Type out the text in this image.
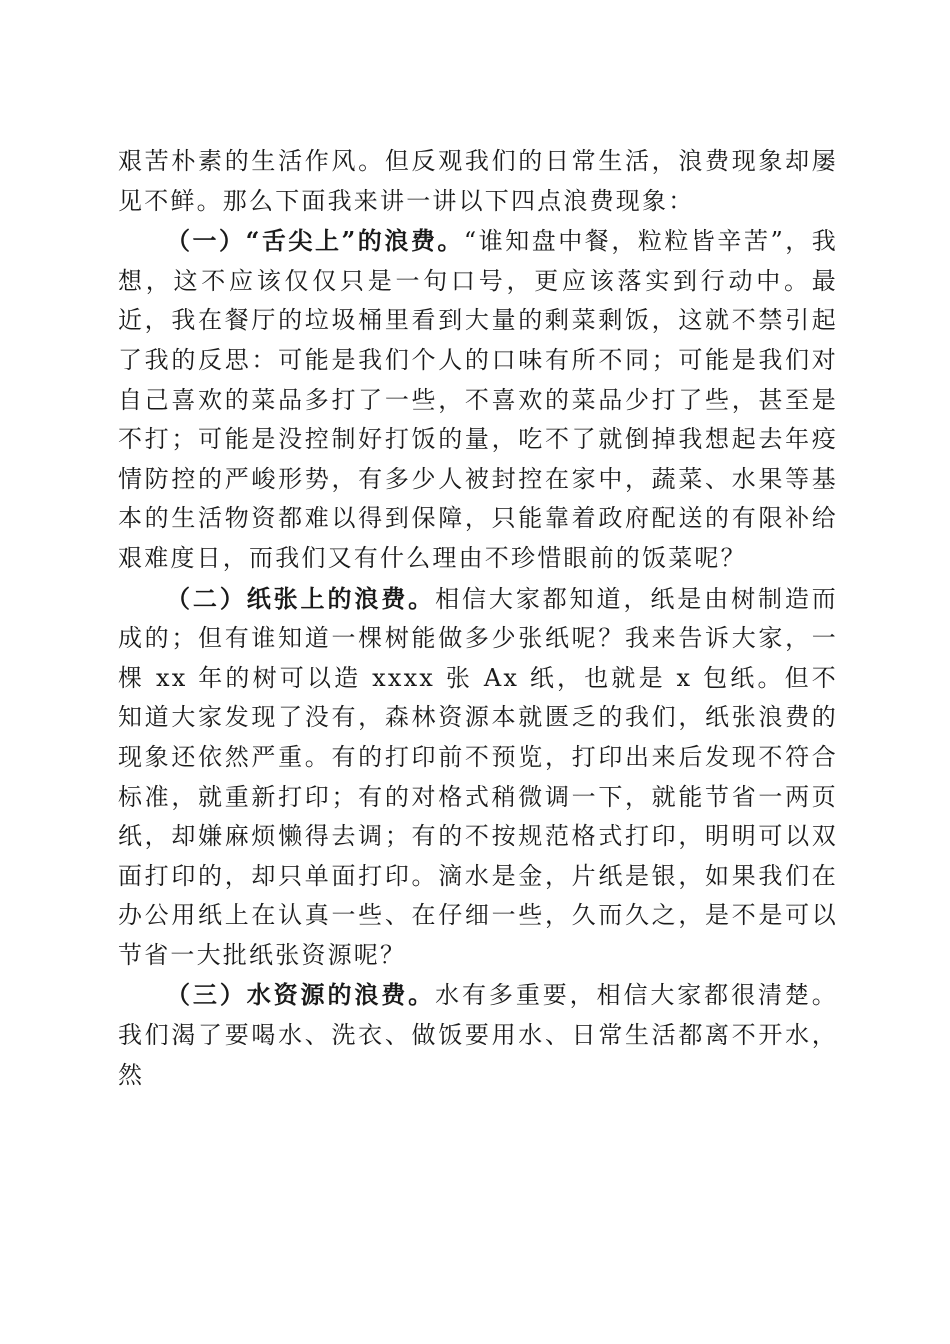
艰苦朴素的生活作风。但反观我们的日常生活，浪费现象却屡见不鲜。那么下面我来讲一讲以下四点浪费现象：

（一）“舌尖上”的浪费。“谁知盘中餐，粒粒皆辛苦”，我想，这不应该仅仅只是一句口号，更应该落实到行动中。最近，我在餐厅的垃圾桶里看到大量的剩菜剩饭，这就不禁引起了我的反思：可能是我们个人的口味有所不同；可能是我们对自己喜欢的菜品多打了一些，不喜欢的菜品少打了些，甚至是不打；可能是没控制好打饭的量，吃不了就倒掉我想起去年疫情防控的严峻形势，有多少人被封控在家中，蔬菜、水果等基本的生活物资都难以得到保障，只能靠着政府配送的有限补给艰难度日，而我们又有什么理由不珍惜眼前的饭菜呢？

（二）纸张上的浪费。相信大家都知道，纸是由树制造而成的；但有谁知道一棵树能做多少张纸呢？我来告诉大家，一棵 xx 年的树可以造 xxxx 张 Ax 纸，也就是 x 包纸。但不知道大家发现了没有，森林资源本就匮乏的我们，纸张浪费的现象还依然严重。有的打印前不预览，打印出来后发现不符合标准，就重新打印；有的对格式稍微调一下，就能节省一两页纸，却嫌麻烦懒得去调；有的不按规范格式打印，明明可以双面打印的，却只单面打印。滴水是金，片纸是银，如果我们在办公用纸上在认真一些、在仔细一些，久而久之，是不是可以节省一大批纸张资源呢？

（三）水资源的浪费。水有多重要，相信大家都很清楚。我们渴了要喝水、洗衣、做饭要用水、日常生活都离不开水，然
